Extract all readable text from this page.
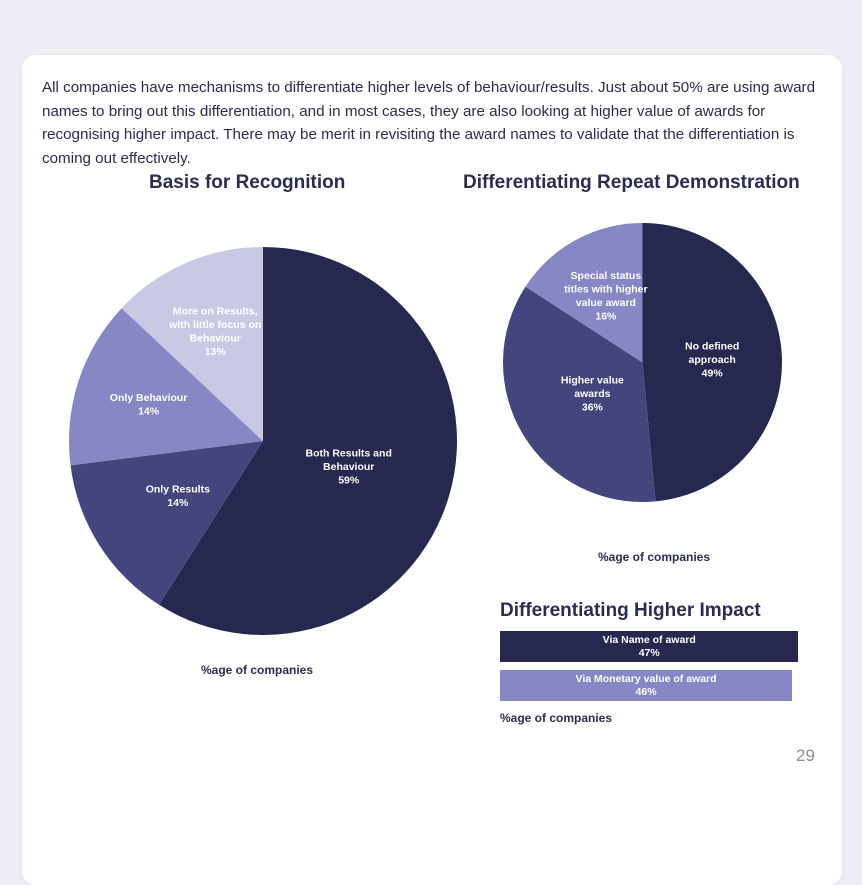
All companies have mechanisms to differentiate higher levels of behaviour/results. Just about 50% are using award names to bring out this differentiation, and in most cases, they are also looking at higher value of awards for recognising higher impact. There may be merit in revisiting the award names to validate that the differentiation is coming out effectively.

Basis for Recognition
Both Results and Behaviour 59%
Only Results 14%
Only Behaviour 14%
More on Results, with little focus on Behaviour 13%
%age of companies
Differentiating Repeat Demonstration
No defined approach 49%
Higher value awards 36%
Special status titles with higher value award 16%
%age of companies
Differentiating Higher Impact
Via Name of award
47%
Via Monetary value of award
46%
%age of companies
29
